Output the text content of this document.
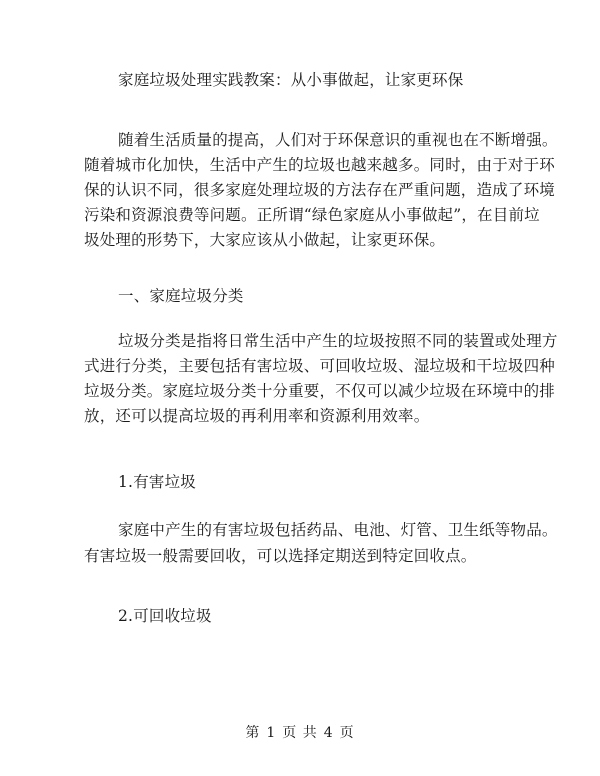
家庭垃圾处理实践教案：从小事做起，让家更环保
随着生活质量的提高，人们对于环保意识的重视也在不断增强。
随着城市化加快，生活中产生的垃圾也越来越多。同时，由于对于环
保的认识不同，很多家庭处理垃圾的方法存在严重问题，造成了环境
污染和资源浪费等问题。正所谓“绿色家庭从小事做起”，在目前垃
圾处理的形势下，大家应该从小做起，让家更环保。
一、家庭垃圾分类
垃圾分类是指将日常生活中产生的垃圾按照不同的装置或处理方
式进行分类，主要包括有害垃圾、可回收垃圾、湿垃圾和干垃圾四种
垃圾分类。家庭垃圾分类十分重要，不仅可以减少垃圾在环境中的排
放，还可以提高垃圾的再利用率和资源利用效率。
1.有害垃圾
家庭中产生的有害垃圾包括药品、电池、灯管、卫生纸等物品。
有害垃圾一般需要回收，可以选择定期送到特定回收点。
2.可回收垃圾
第 1 页 共 4 页
